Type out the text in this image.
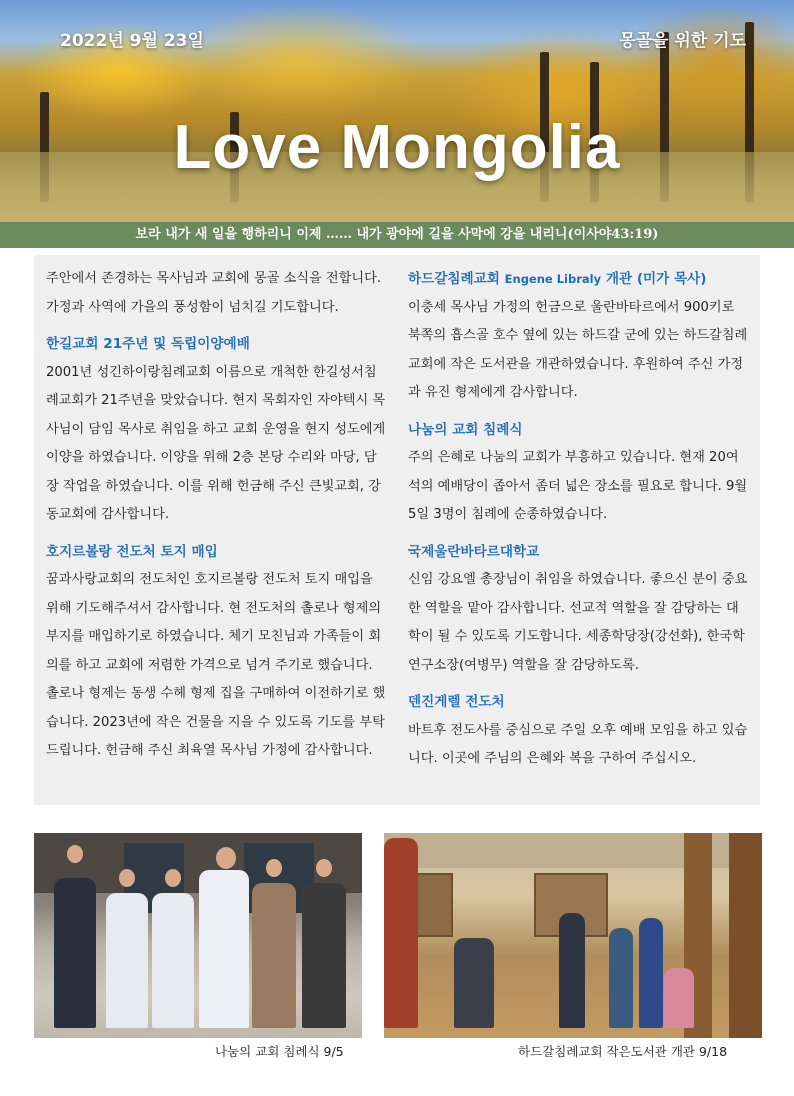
2022년 9월 23일	몽골을 위한 기도
Love Mongolia
보라 내가 새 일을 행하리니 이제 …… 내가 광야에 길을 사막에 강을 내리니(이사야43:19)

주안에서 존경하는 목사님과 교회에 몽골 소식을 전합니다. 가정과 사역에 가을의 풍성함이 넘치길 기도합니다.

한길교회 21주년 및 독립이양예배

2001년 성긴하이랑침례교회 이름으로 개척한 한길성서침례교회가 21주년을 맞았습니다. 현지 목회자인 자야텍시 목사님이 담임 목사로 취임을 하고 교회 운영을 현지 성도에게 이양을 하였습니다. 이양을 위해 2층 본당 수리와 마당, 담장 작업을 하였습니다. 이를 위해 헌금해 주신 큰빛교회, 강동교회에 감사합니다.

호지르볼랑 전도처 토지 매입

꿈과사랑교회의 전도처인 호지르볼랑 전도처 토지 매입을 위해 기도해주셔서 감사합니다. 현 전도처의 촐로나 형제의 부지를 매입하기로 하였습니다. 체기 모친님과 가족들이 회의를 하고 교회에 저렴한 가격으로 넘겨 주기로 했습니다. 촐로나 형제는 동생 수헤 형제 집을 구매하여 이전하기로 했습니다. 2023년에 작은 건물을 지을 수 있도록 기도를 부탁드립니다. 헌금해 주신 최육열 목사님 가정에 감사합니다.

하드갈침례교회 Engene Libraly 개관 (미가 목사)

이충세 목사님 가정의 헌금으로 울란바타르에서 900키로 북쪽의 흡스골 호수 옆에 있는 하드갈 군에 있는 하드갈침례교회에 작은 도서관을 개관하였습니다. 후원하여 주신 가정과 유진 형제에게 감사합니다.

나눔의 교회 침례식

주의 은혜로 나눔의 교회가 부흥하고 있습니다. 현재 20여 석의 예배당이 좁아서 좀더 넓은 장소를 필요로 합니다. 9월5일 3명이 침례에 순종하였습니다.

국제울란바타르대학교

신임 강요엘 총장님이 취임을 하였습니다. 좋으신 분이 중요한 역할을 맡아 감사합니다. 선교적 역할을 잘 감당하는 대학이 될 수 있도록 기도합니다. 세종학당장(강선화), 한국학연구소장(여병무) 역할을 잘 감당하도록.

덴진게렐 전도처

바트후 전도사를 중심으로 주일 오후 예배 모임을 하고 있습니다. 이곳에 주님의 은혜와 복을 구하여 주십시오.

나눔의 교회 침례식 9/5	하드갈침례교회 작은도서관 개관 9/18
